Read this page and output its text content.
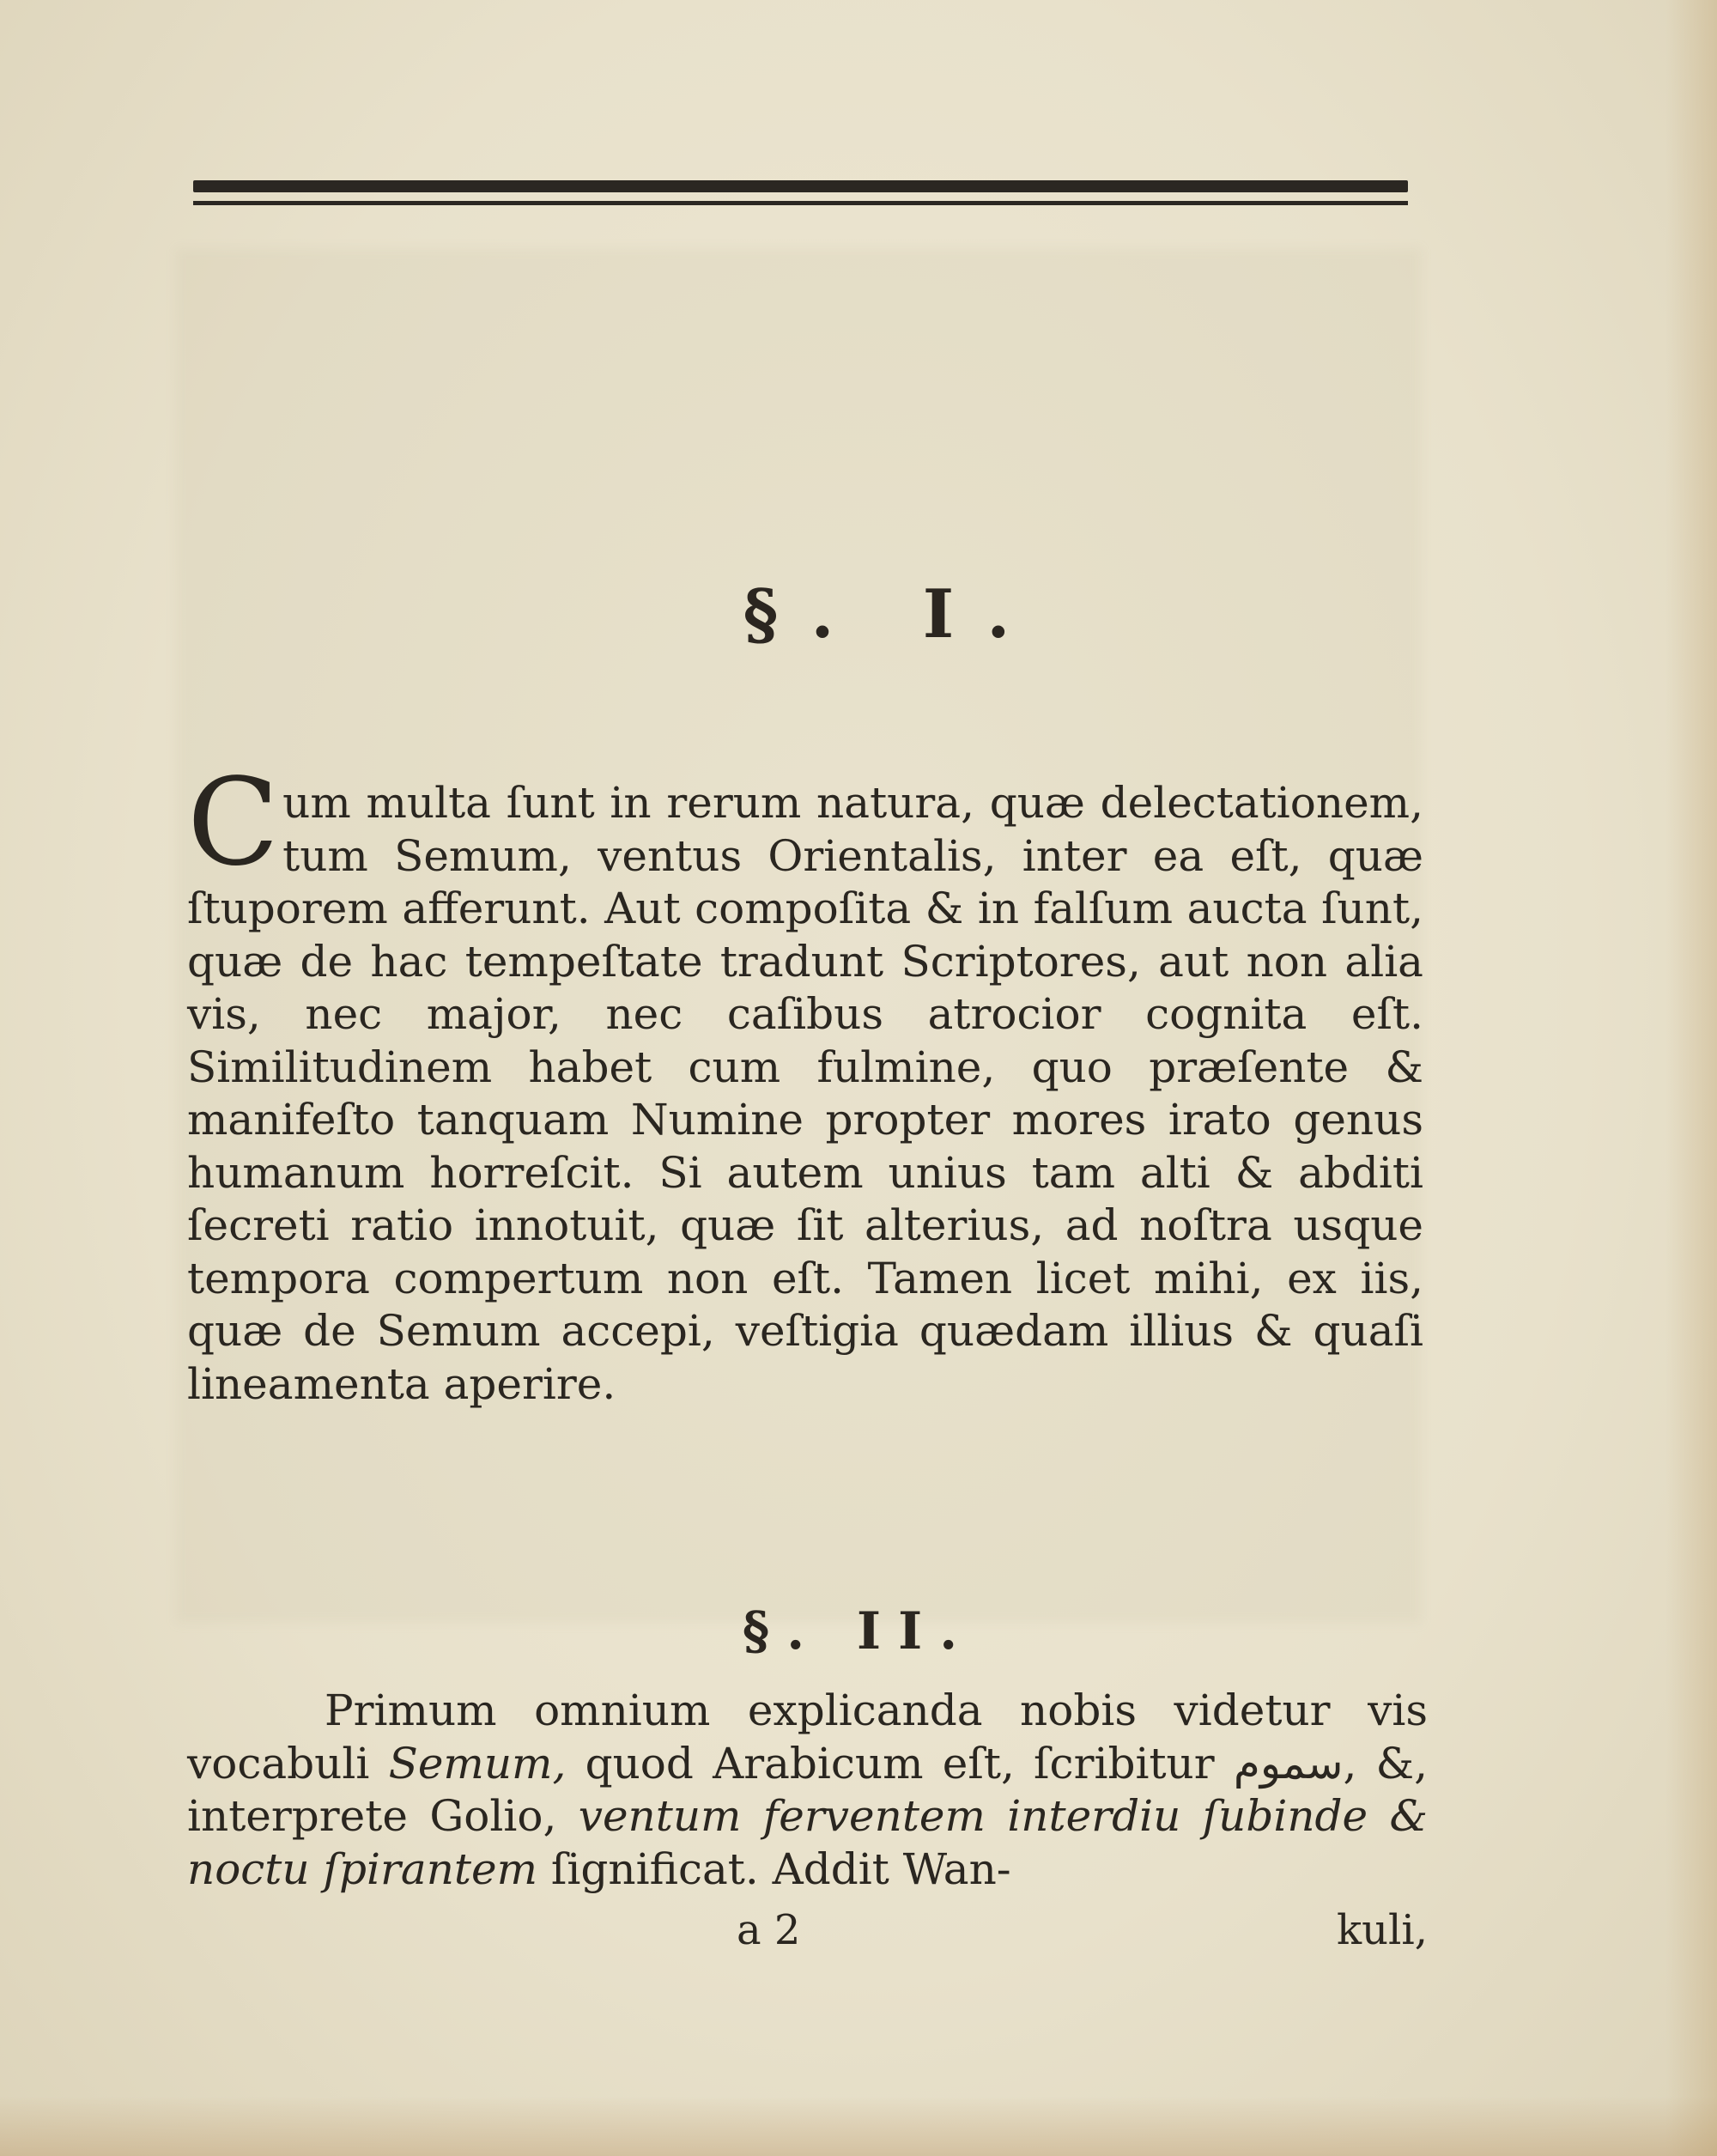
§. I.
Cum multa ſunt in rerum natura, quæ delectationem, tum Semum, ventus Orientalis, inter ea eſt, quæ ſtuporem afferunt. Aut compoſita & in falſum aucta ſunt, quæ de hac tempeſtate tradunt Scriptores, aut non alia vis, nec major, nec caſibus atrocior cognita eſt. Similitudinem habet cum fulmine, quo præſente & manifeſto tanquam Numine propter mores irato genus humanum horreſcit. Si autem unius tam alti & abditi ſecreti ratio innotuit, quæ ſit alterius, ad noſtra usque tempora compertum non eſt. Tamen licet mihi, ex iis, quæ de Semum accepi, veſtigia quædam illius & quaſi lineamenta aperire.
§. II.
Primum omnium explicanda nobis videtur vis vocabuli Semum, quod Arabicum eſt, ſcribitur سموم, &, interprete Golio, ventum ferventem interdiu ſubinde & noctu ſpirantem ſignificat. Addit Wan-
a 2	kuli,
